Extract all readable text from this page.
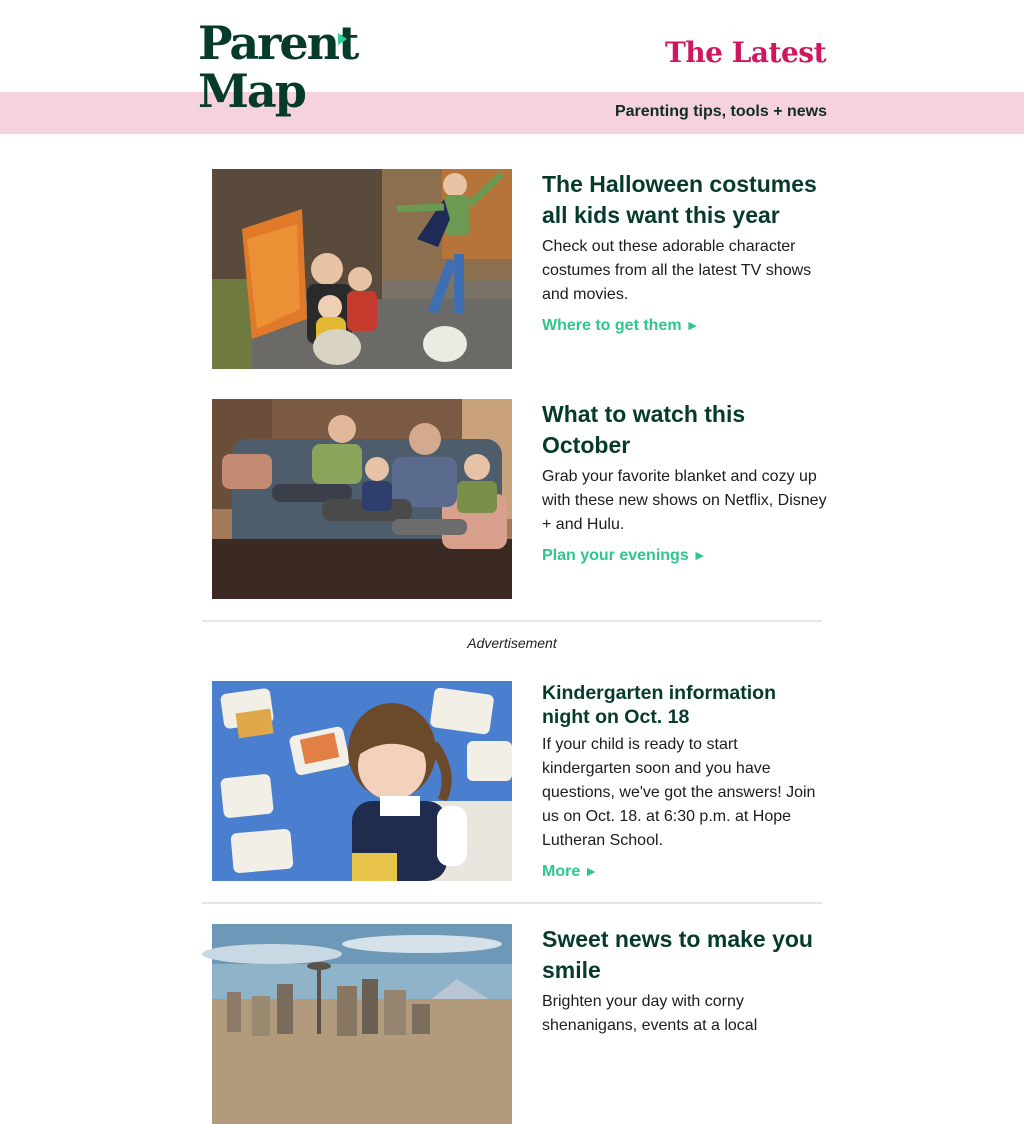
Parent
Map
The Latest
Parenting tips, tools + news
The Halloween costumes all kids want this year
Check out these adorable character costumes from all the latest TV shows and movies.
Where to get them ►
What to watch this October
Grab your favorite blanket and cozy up with these new shows on Netflix, Disney + and Hulu.
Plan your evenings ►
Advertisement
Kindergarten information night on Oct. 18
If your child is ready to start kindergarten soon and you have questions, we've got the answers! Join us on Oct. 18. at 6:30 p.m. at Hope Lutheran School.
More ►
Sweet news to make you smile
Brighten your day with corny shenanigans, events at a local
